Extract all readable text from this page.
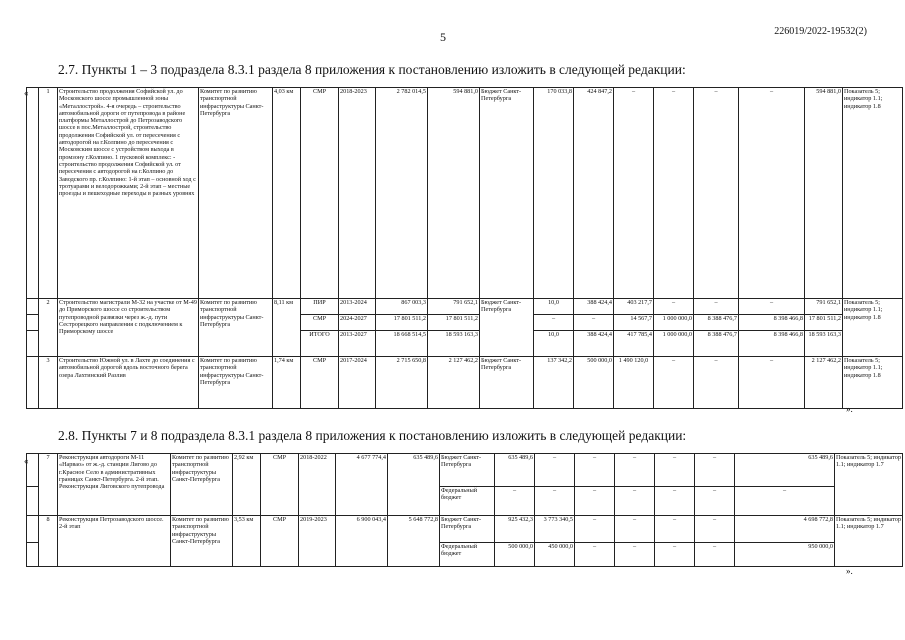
226019/2022-19532(2)
5
2.7. Пункты 1 – 3 подраздела 8.3.1 раздела 8 приложения к постановлению изложить в следующей редакции:
«
		1	Строительство продолжения Софийской ул. до Московского шоссе промышленной зоны «Металлострой». 4-я очередь – строительство автомобильной дороги от путепровода в районе платформы Металлострой до Петрозаводского шоссе в пос.Металлострой, строительство продолжения Софийской ул. от пересечения с автодорогой на г.Колпино до пересечения с Московским шоссе с устройством выхода в промзону г.Колпино. 1 пусковой комплекс: - строительство продолжения Софийской ул. от пересечения с автодорогой на г.Колпино до Заводского пр. г.Колпино: 1-й этап – основной ход с тротуарами и велодорожками; 2-й этап – местные проезды и пешеходные переходы в разных уровнях	Комитет по развитию транспортной инфраструктуры Санкт-Петербурга	4,03 км	СМР	2018-2023	2 782 014,5	594 881,0	Бюджет Санкт-Петербурга	170 033,8	424 847,2	–	–	–	–	594 881,0	Показатель 5; индикатор 1.1; индикатор 1.8
	2	Строительство магистрали М-32 на участке от М-49 до Приморского шоссе со строительством путепроводной развязки через ж.-д. пути Сестрорецкого направления с подключением к Приморскому шоссе	Комитет по развитию транспортной инфраструктуры Санкт-Петербурга	8,11 км	ПИР	2013-2024	867 003,3	791 652,1	Бюджет Санкт-Петербурга	10,0	388 424,4	403 217,7	–	–	–	791 652,1	Показатель 5; индикатор 1.1; индикатор 1.8
					СМР	2024-2027	17 801 511,2	17 801 511,2		–	–	14 567,7	1 000 000,0	8 388 476,7	8 398 466,8	17 801 511,2	
					ИТОГО	2013-2027	18 668 514,5	18 593 163,3		10,0	388 424,4	417 785,4	1 000 000,0	8 388 476,7	8 398 466,8	18 593 163,3	
	3	Строительство Южной ул. в Лахте до соединения с автомобильной дорогой вдоль восточного берега озера Лахтинский Разлив	Комитет по развитию транспортной инфраструктуры Санкт-Петербурга	1,74 км	СМР	2017-2024	2 715 650,8	2 127 462,2	Бюджет Санкт-Петербурга	137 342,2	500 000,0	1 490 120,0	–	–	–	2 127 462,2	Показатель 5; индикатор 1.1; индикатор 1.8
».
2.8. Пункты 7 и 8 подраздела 8.3.1 раздела 8 приложения к постановлению изложить в следующей редакции:
«
		7	Реконструкция автодороги М-11 «Нарвао» от ж.-д. станции Лигово до г.Красное Село в административных границах Санкт-Петербурга. 2-й этап. Реконструкция Лиговского путепровода	Комитет по развитию транспортной инфраструктуры Санкт-Петербурга	2,92 км	СМР	2018-2022	4 677 774,4	635 489,6	Бюджет Санкт-Петербурга	635 489,6	–	–	–	–	–	635 489,6	Показатель 5; индикатор 1.1; индикатор 1.7
									Федеральный бюджет	–	–	–	–	–	–	–	
	8	Реконструкция Петрозаводского шоссе. 2-й этап	Комитет по развитию транспортной инфраструктуры Санкт-Петербурга	3,53 км	СМР	2019-2023	6 900 043,4	5 648 772,8	Бюджет Санкт-Петербурга	925 432,3	3 773 340,5	–	–	–	–	4 698 772,8	Показатель 5; индикатор 1.1; индикатор 1.7
									Федеральный бюджет	500 000,0	450 000,0	–	–	–	–	950 000,0	
».
